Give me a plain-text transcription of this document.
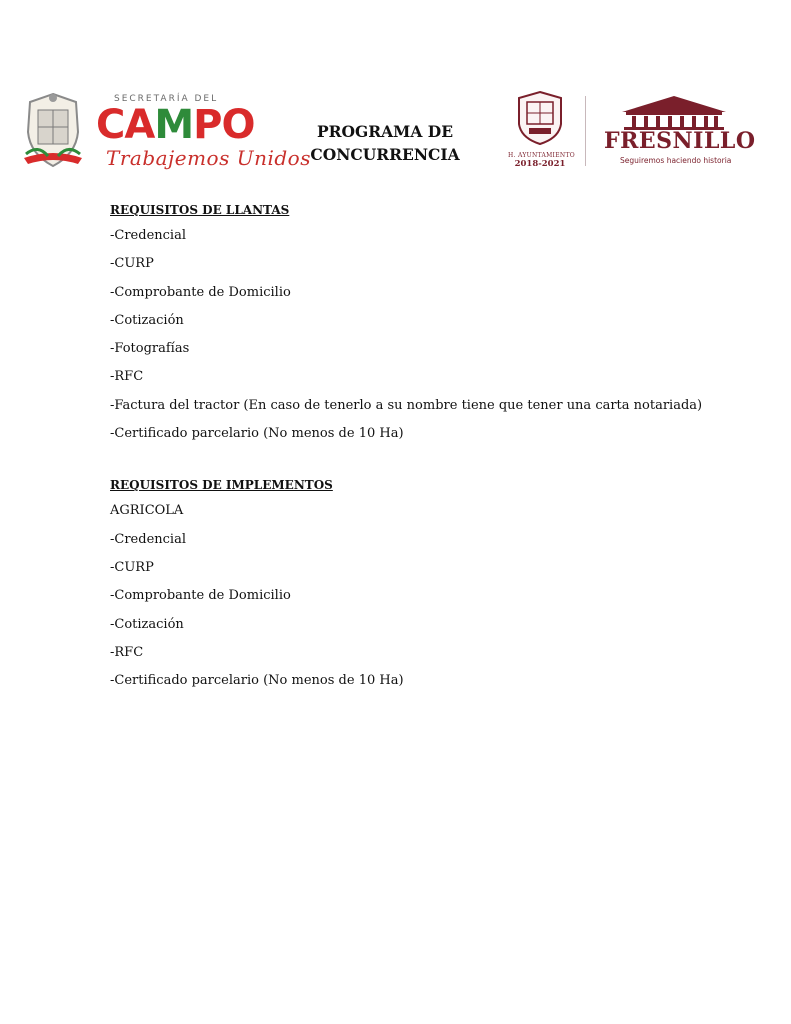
SECRETARÍA DEL
CAMPO
Trabajemos Unidos
PROGRAMA DE
CONCURRENCIA	H. AYUNTAMIENTO
2018-2021
FRESNILLO
Seguiremos haciendo historia
REQUISITOS DE LLANTAS
-Credencial
-CURP
-Comprobante de Domicilio
-Cotización
-Fotografías
-RFC
-Factura del tractor (En caso de tenerlo a su nombre tiene que tener una carta notariada)
-Certificado parcelario (No menos de 10 Ha)
REQUISITOS DE IMPLEMENTOS
AGRICOLA
-Credencial
-CURP
-Comprobante de Domicilio
-Cotización
-RFC
-Certificado parcelario (No menos de 10 Ha)
